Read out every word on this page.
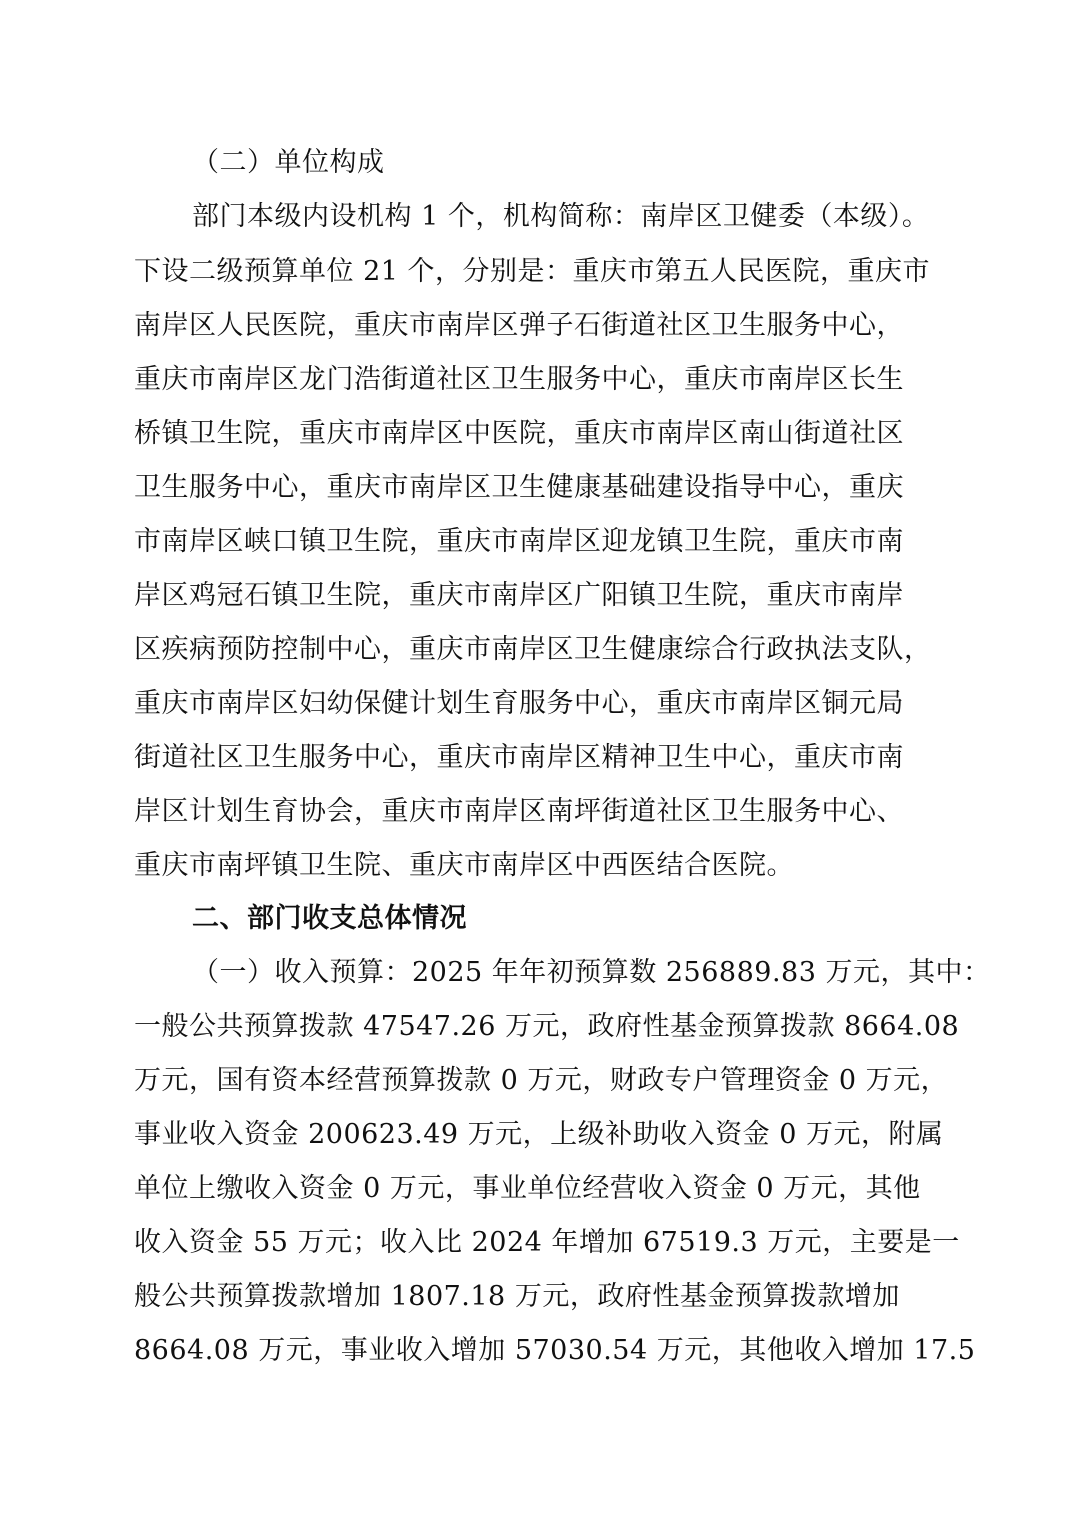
（二）单位构成
部门本级内设机构 1 个，机构简称：南岸区卫健委（本级）。
下设二级预算单位 21 个，分别是：重庆市第五人民医院，重庆市
南岸区人民医院，重庆市南岸区弹子石街道社区卫生服务中心，
重庆市南岸区龙门浩街道社区卫生服务中心，重庆市南岸区长生
桥镇卫生院，重庆市南岸区中医院，重庆市南岸区南山街道社区
卫生服务中心，重庆市南岸区卫生健康基础建设指导中心，重庆
市南岸区峡口镇卫生院，重庆市南岸区迎龙镇卫生院，重庆市南
岸区鸡冠石镇卫生院，重庆市南岸区广阳镇卫生院，重庆市南岸
区疾病预防控制中心，重庆市南岸区卫生健康综合行政执法支队，
重庆市南岸区妇幼保健计划生育服务中心，重庆市南岸区铜元局
街道社区卫生服务中心，重庆市南岸区精神卫生中心，重庆市南
岸区计划生育协会，重庆市南岸区南坪街道社区卫生服务中心、
重庆市南坪镇卫生院、重庆市南岸区中西医结合医院。
二、部门收支总体情况
（一）收入预算：2025 年年初预算数 256889.83 万元，其中：
一般公共预算拨款 47547.26 万元，政府性基金预算拨款 8664.08
万元，国有资本经营预算拨款 0 万元，财政专户管理资金 0 万元，
事业收入资金 200623.49 万元，上级补助收入资金 0 万元，附属
单位上缴收入资金 0 万元，事业单位经营收入资金 0 万元，其他
收入资金 55 万元；收入比 2024 年增加 67519.3 万元，主要是一
般公共预算拨款增加 1807.18 万元，政府性基金预算拨款增加
8664.08 万元，事业收入增加 57030.54 万元，其他收入增加 17.5
